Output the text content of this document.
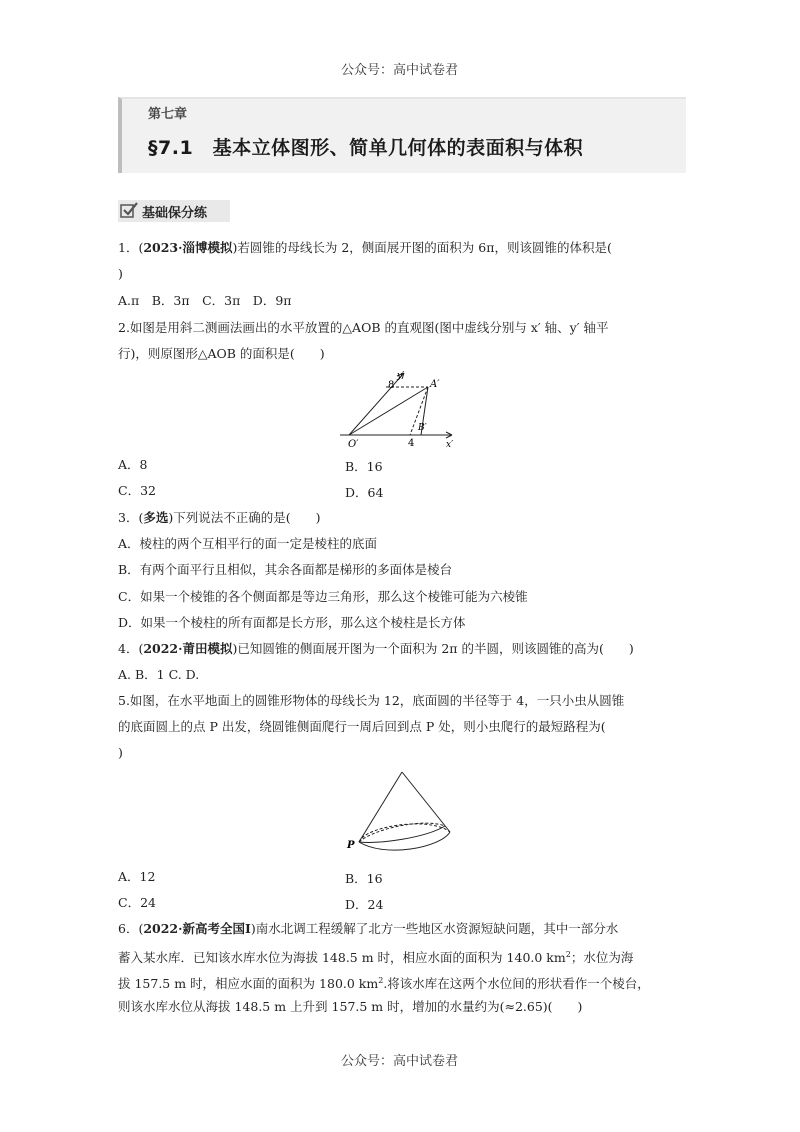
公众号：高中试卷君
第七章
§7.1　基本立体图形、简单几何体的表面积与体积
基础保分练
1．(2023·淄博模拟)若圆锥的母线长为 2，侧面展开图的面积为 6π，则该圆锥的体积是(
)
A.π　B．3π　C．3π　D．9π
2.如图是用斜二测画法画出的水平放置的△AOB 的直观图(图中虚线分别与 x′ 轴、y′ 轴平
行)，则原图形△AOB 的面积是(　　)
y′
8	A′
B′
O′	4	x′
A．8	B．16
C．32	D．64
3．(多选)下列说法不正确的是(　　)
A．棱柱的两个互相平行的面一定是棱柱的底面
B．有两个面平行且相似，其余各面都是梯形的多面体是棱台
C．如果一个棱锥的各个侧面都是等边三角形，那么这个棱锥可能为六棱锥
D．如果一个棱柱的所有面都是长方形，那么这个棱柱是长方体
4．(2022·莆田模拟)已知圆锥的侧面展开图为一个面积为 2π 的半圆，则该圆锥的高为(　　)
A. B．1 C. D.
5.如图，在水平地面上的圆锥形物体的母线长为 12，底面圆的半径等于 4，一只小虫从圆锥
的底面圆上的点 P 出发，绕圆锥侧面爬行一周后回到点 P 处，则小虫爬行的最短路程为(
)
P
A．12	B．16
C．24	D．24
6．(2022·新高考全国Ⅰ)南水北调工程缓解了北方一些地区水资源短缺问题，其中一部分水
蓄入某水库．已知该水库水位为海拔 148.5 m 时，相应水面的面积为 140.0 $km^2$；水位为海
拔 157.5 m 时，相应水面的面积为 180.0 $km^2$.将该水库在这两个水位间的形状看作一个棱台，
则该水库水位从海拔 148.5 m 上升到 157.5 m 时，增加的水量约为(≈2.65)(　　)
公众号：高中试卷君
